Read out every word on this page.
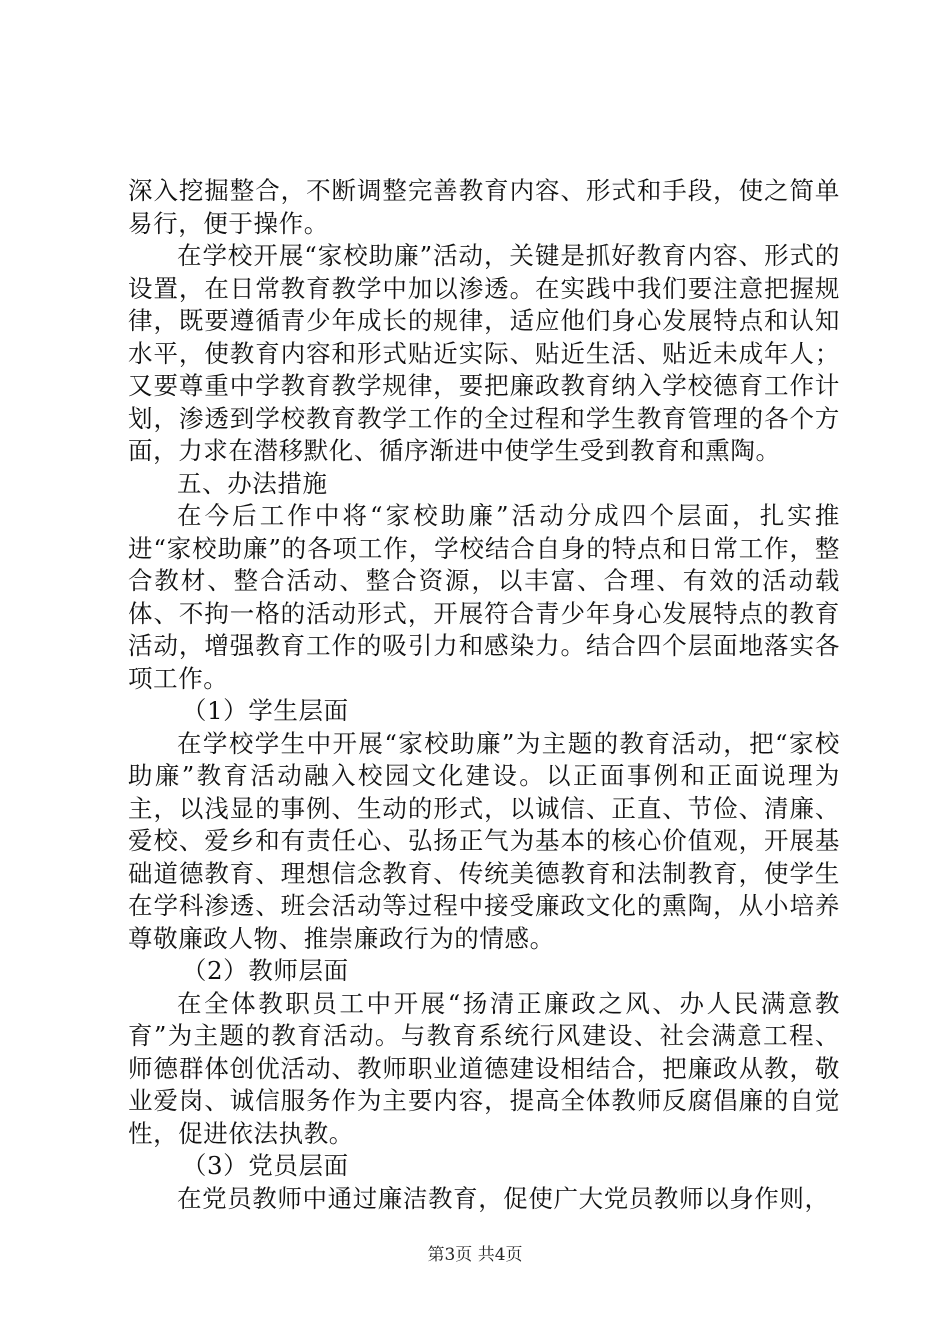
深入挖掘整合，不断调整完善教育内容、形式和手段，使之简单易行，便于操作。

在学校开展“家校助廉”活动，关键是抓好教育内容、形式的设置，在日常教育教学中加以渗透。在实践中我们要注意把握规律，既要遵循青少年成长的规律，适应他们身心发展特点和认知水平，使教育内容和形式贴近实际、贴近生活、贴近未成年人；又要尊重中学教育教学规律，要把廉政教育纳入学校德育工作计划，渗透到学校教育教学工作的全过程和学生教育管理的各个方面，力求在潜移默化、循序渐进中使学生受到教育和熏陶。

五、办法措施

在今后工作中将“家校助廉”活动分成四个层面，扎实推进“家校助廉”的各项工作，学校结合自身的特点和日常工作，整合教材、整合活动、整合资源，以丰富、合理、有效的活动载体、不拘一格的活动形式，开展符合青少年身心发展特点的教育活动，增强教育工作的吸引力和感染力。结合四个层面地落实各项工作。

（1）学生层面

在学校学生中开展“家校助廉”为主题的教育活动，把“家校助廉”教育活动融入校园文化建设。以正面事例和正面说理为主，以浅显的事例、生动的形式，以诚信、正直、节俭、清廉、爱校、爱乡和有责任心、弘扬正气为基本的核心价值观，开展基础道德教育、理想信念教育、传统美德教育和法制教育，使学生在学科渗透、班会活动等过程中接受廉政文化的熏陶，从小培养尊敬廉政人物、推崇廉政行为的情感。

（2）教师层面

在全体教职员工中开展“扬清正廉政之风、办人民满意教育”为主题的教育活动。与教育系统行风建设、社会满意工程、师德群体创优活动、教师职业道德建设相结合，把廉政从教，敬业爱岗、诚信服务作为主要内容，提高全体教师反腐倡廉的自觉性，促进依法执教。

（3）党员层面

在党员教师中通过廉洁教育，促使广大党员教师以身作则，

第3页 共4页
